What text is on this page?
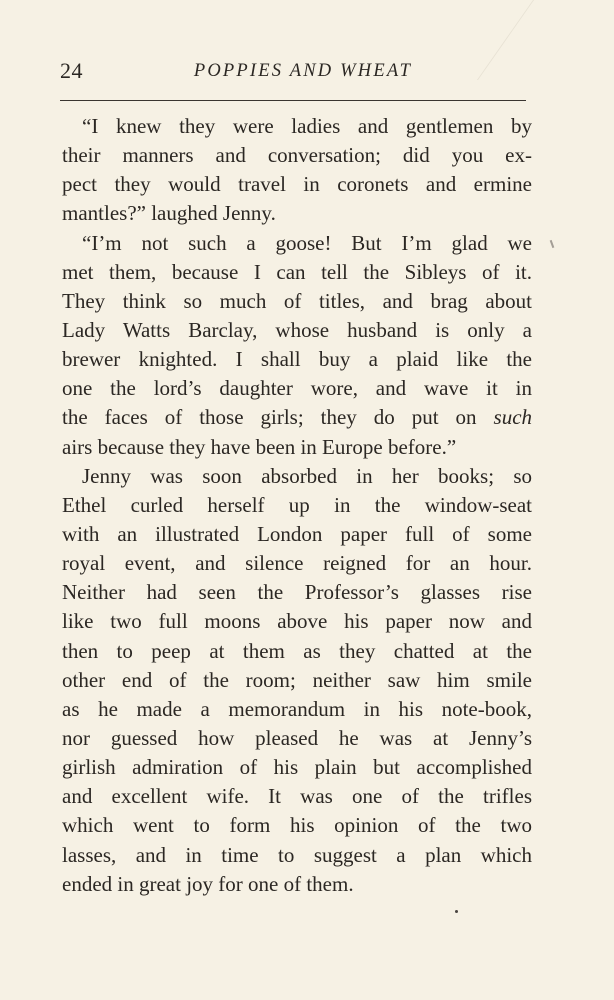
24	POPPIES AND WHEAT
“I knew they were ladies and gentlemen by
their manners and conversation; did you ex-
pect they would travel in coronets and ermine
mantles?” laughed Jenny.
“I’m not such a goose! But I’m glad we
met them, because I can tell the Sibleys of it.
They think so much of titles, and brag about
Lady Watts Barclay, whose husband is only a
brewer knighted. I shall buy a plaid like the
one the lord’s daughter wore, and wave it in
the faces of those girls; they do put on such
airs because they have been in Europe before.”
Jenny was soon absorbed in her books; so
Ethel curled herself up in the window-seat
with an illustrated London paper full of some
royal event, and silence reigned for an hour.
Neither had seen the Professor’s glasses rise
like two full moons above his paper now and
then to peep at them as they chatted at the
other end of the room; neither saw him smile
as he made a memorandum in his note-book,
nor guessed how pleased he was at Jenny’s
girlish admiration of his plain but accomplished
and excellent wife. It was one of the trifles
which went to form his opinion of the two
lasses, and in time to suggest a plan which
ended in great joy for one of them.
